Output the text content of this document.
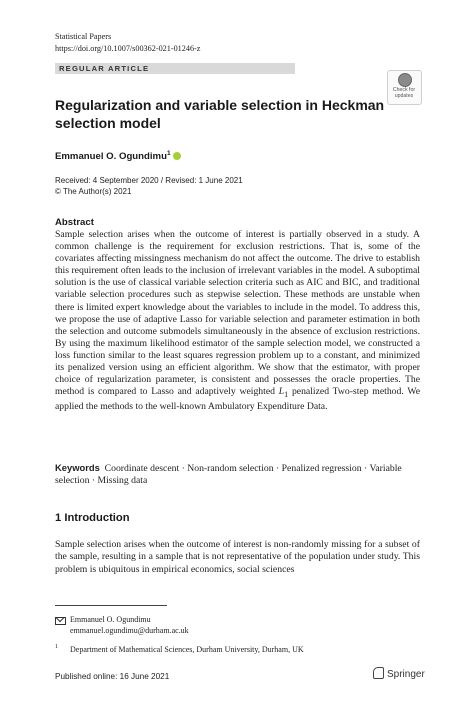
Statistical Papers
https://doi.org/10.1007/s00362-021-01246-z
REGULAR ARTICLE
Check for
updates
Regularization and variable selection in Heckman selection model
Emmanuel O. Ogundimu$^1$
Received: 4 September 2020 / Revised: 1 June 2021
© The Author(s) 2021
Abstract
Sample selection arises when the outcome of interest is partially observed in a study. A common challenge is the requirement for exclusion restrictions. That is, some of the covariates affecting missingness mechanism do not affect the outcome. The drive to establish this requirement often leads to the inclusion of irrelevant variables in the model. A suboptimal solution is the use of classical variable selection criteria such as AIC and BIC, and traditional variable selection procedures such as stepwise selection. These methods are unstable when there is limited expert knowledge about the variables to include in the model. To address this, we propose the use of adaptive Lasso for variable selection and parameter estimation in both the selection and outcome submodels simultaneously in the absence of exclusion restrictions. By using the maximum likelihood estimator of the sample selection model, we constructed a loss function similar to the least squares regression problem up to a constant, and minimized its penalized version using an efficient algorithm. We show that the estimator, with proper choice of regularization parameter, is consistent and possesses the oracle properties. The method is compared to Lasso and adaptively weighted $L_1$ penalized Two-step method. We applied the methods to the well-known Ambulatory Expenditure Data.
Keywords Coordinate descent · Non-random selection · Penalized regression · Variable selection · Missing data
1 Introduction
Sample selection arises when the outcome of interest is non-randomly missing for a subset of the sample, resulting in a sample that is not representative of the population under study. This problem is ubiquitous in empirical economics, social sciences
Emmanuel O. Ogundimu
emmanuel.ogundimu@durham.ac.uk
1 Department of Mathematical Sciences, Durham University, Durham, UK
Published online: 16 June 2021	Springer
